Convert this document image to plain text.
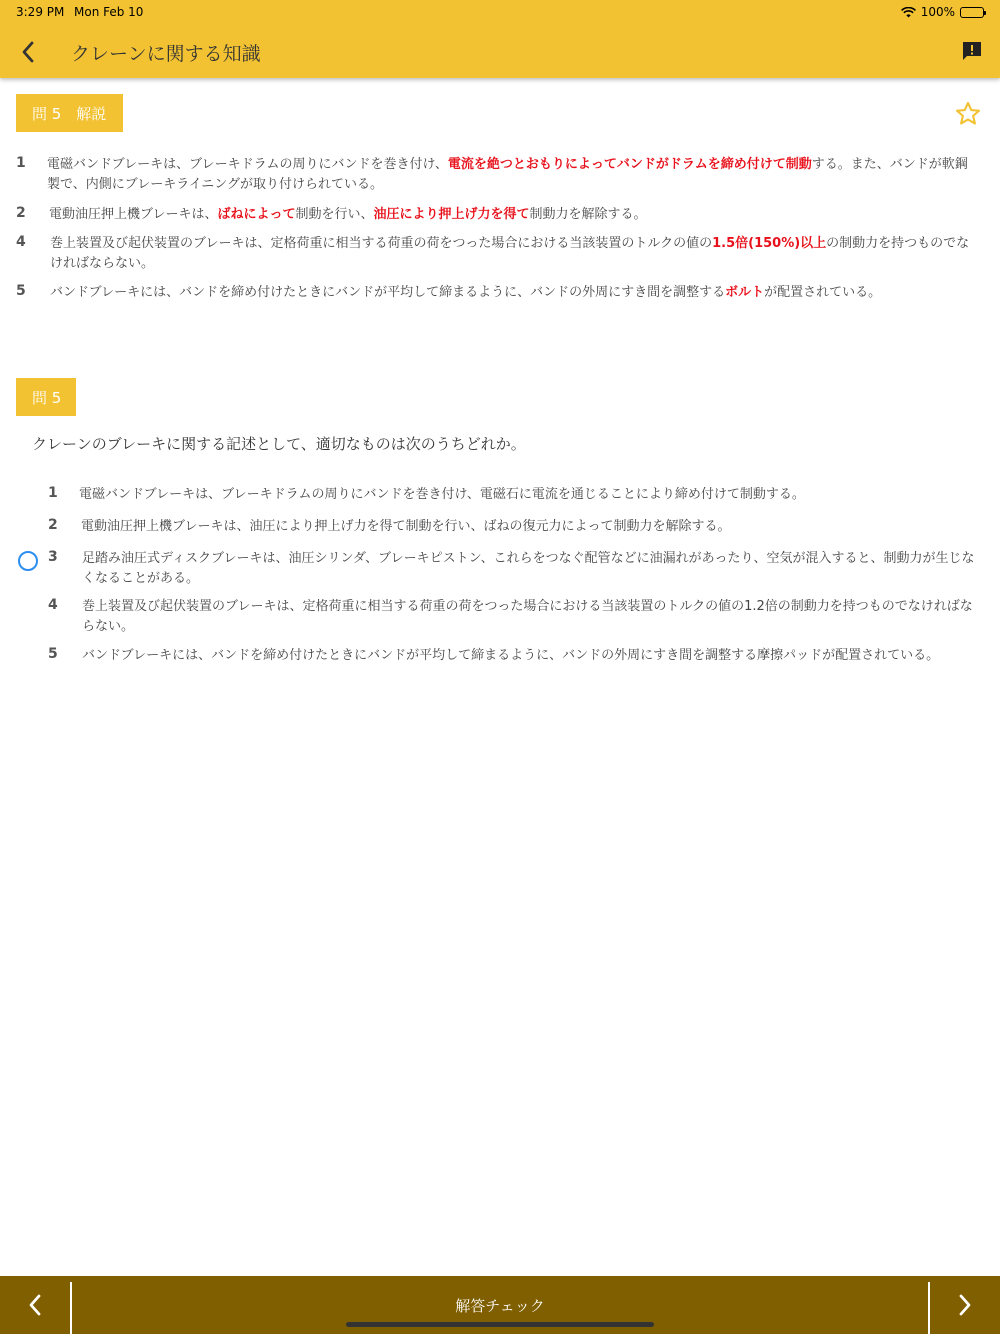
3:29 PM Mon Feb 10	100%
クレーンに関する知識
問 5　解説
1 電磁バンドブレーキは、ブレーキドラムの周りにバンドを巻き付け、電流を絶つとおもりによってバンドがドラムを締め付けて制動する。また、バンドが軟鋼製で、内側にブレーキライニングが取り付けられている。
2 電動油圧押上機ブレーキは、ばねによって制動を行い、油圧により押上げ力を得て制動力を解除する。
4 巻上装置及び起伏装置のブレーキは、定格荷重に相当する荷重の荷をつった場合における当該装置のトルクの値の1.5倍(150%)以上の制動力を持つものでなければならない。
5 バンドブレーキには、バンドを締め付けたときにバンドが平均して締まるように、バンドの外周にすき間を調整するボルトが配置されている。
問 5
クレーンのブレーキに関する記述として、適切なものは次のうちどれか。
1 電磁バンドブレーキは、ブレーキドラムの周りにバンドを巻き付け、電磁石に電流を通じることにより締め付けて制動する。
2 電動油圧押上機ブレーキは、油圧により押上げ力を得て制動を行い、ばねの復元力によって制動力を解除する。
3 足踏み油圧式ディスクブレーキは、油圧シリンダ、ブレーキピストン、これらをつなぐ配管などに油漏れがあったり、空気が混入すると、制動力が生じなくなることがある。
4 巻上装置及び起伏装置のブレーキは、定格荷重に相当する荷重の荷をつった場合における当該装置のトルクの値の1.2倍の制動力を持つものでなければならない。
5 バンドブレーキには、バンドを締め付けたときにバンドが平均して締まるように、バンドの外周にすき間を調整する摩擦パッドが配置されている。
解答チェック
